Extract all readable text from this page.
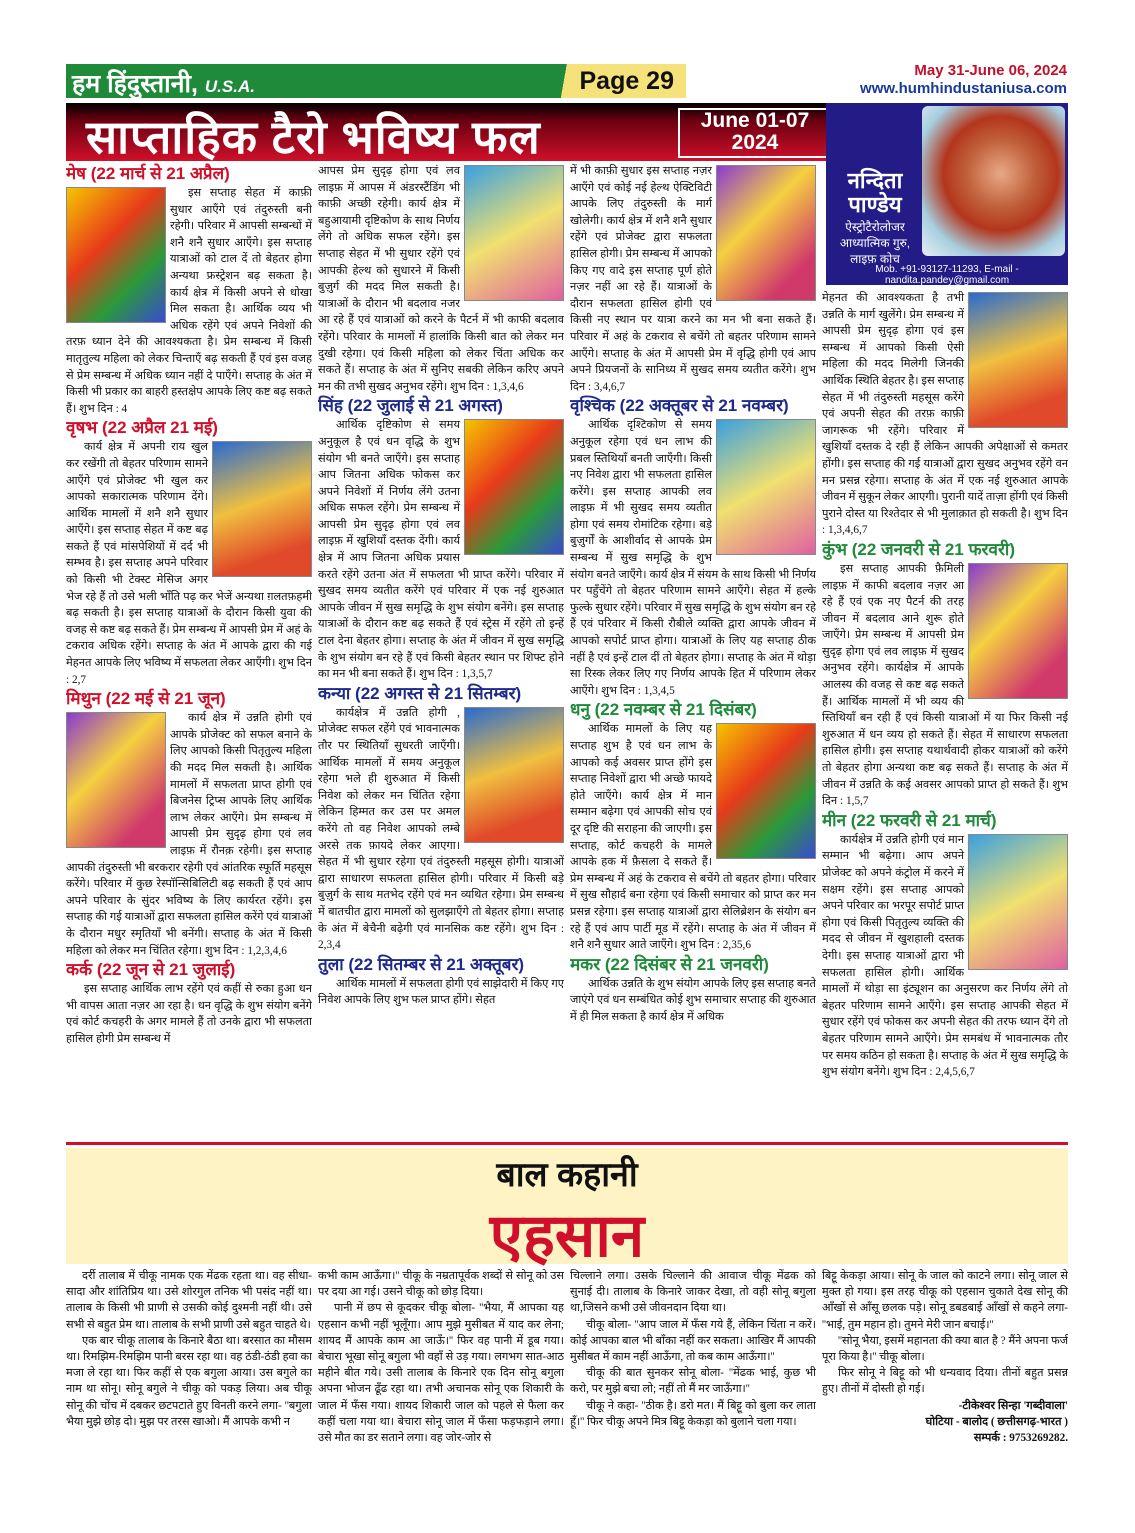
हम हिंदुस्तानी, U.S.A.	Page 29	May 31-June 06, 2024
www.humhindustaniusa.com
साप्ताहिक टैरो भविष्य फल	June 01-07
2024
नन्दिता
पाण्डेय
ऐस्ट्रोटैरोलोजर
आध्यात्मिक गुरु,
लाइफ़ कोच
Mob. +91-93127-11293, E-mail - nandita.pandey@gmail.com
मेष (22 मार्च से 21 अप्रैल)

इस सप्ताह सेहत में काफ़ी सुधार आएँगे एवं तंदुरुस्ती बनी रहेगी। परिवार में आपसी सम्बन्धों में शनै शनै सुधार आएँगे। इस सप्ताह यात्राओं को टाल दें तो बेहतर होगा अन्यथा फ्रस्ट्रेशन बढ़ सकता है। कार्य क्षेत्र में किसी अपने से धोखा मिल सकता है। आर्थिक व्यय भी अधिक रहेंगे एवं अपने निवेशों की तरफ़ ध्यान देने की आवश्यकता है। प्रेम सम्बन्ध में किसी मातृतुल्य महिला को लेकर चिन्ताएँ बढ़ सकती हैं एवं इस वजह से प्रेम सम्बन्ध में अधिक ध्यान नहीं दे पाएँगे। सप्ताह के अंत में किसी भी प्रकार का बाहरी हस्तक्षेप आपके लिए कष्ट बढ़ सकते हैं। शुभ दिन : 4

वृषभ (22 अप्रैल 21 मई)

कार्य क्षेत्र में अपनी राय खुल कर रखेंगी तो बेहतर परिणाम सामने आएँगे एवं प्रोजेक्ट भी खुल कर आपको सकारात्मक परिणाम देंगे। आर्थिक मामलों में शनै शनै सुधार आएँगे। इस सप्ताह सेहत में कष्ट बढ़ सकते हैं एवं मांसपेशियों में दर्द भी सम्भव है। इस सप्ताह अपने परिवार को किसी भी टेक्स्ट मेसिज अगर भेज रहे हैं तो उसे भली भाँति पढ़ कर भेजें अन्यथा ग़लतफ़हमी बढ़ सकती है। इस सप्ताह यात्राओं के दौरान किसी युवा की वजह से कष्ट बढ़ सकते हैं। प्रेम सम्बन्ध में आपसी प्रेम में अहं के टकराव अधिक रहेंगे। सप्ताह के अंत में आपके द्वारा की गई मेहनत आपके लिए भविष्य में सफलता लेकर आएँगी। शुभ दिन : 2,7

मिथुन (22 मई से 21 जून)

कार्य क्षेत्र में उन्नति होगी एवं आपके प्रोजेक्ट को सफल बनाने के लिए आपको किसी पितृतुल्य महिला की मदद मिल सकती है। आर्थिक मामलों में सफलता प्राप्त होगी एवं बिजनेस ट्रिप्स आपके लिए आर्थिक लाभ लेकर आएँगे। प्रेम सम्बन्ध में आपसी प्रेम सुदृढ़ होगा एवं लव लाइफ़ में रौनक़ रहेगी। इस सप्ताह आपकी तंदुरुस्ती भी बरकरार रहेगी एवं आंतरिक स्फूर्ति महसूस करेंगे। परिवार में कुछ रेस्पॉन्सिबिलिटी बढ़ सकती हैं एवं आप अपने परिवार के सुंदर भविष्य के लिए कार्यरत रहेंगे। इस सप्ताह की गई यात्राओं द्वारा सफलता हासिल करेंगे एवं यात्राओं के दौरान मधुर स्मृतियाँ भी बनेंगी। सप्ताह के अंत में किसी महिला को लेकर मन चिंतित रहेगा। शुभ दिन : 1,2,3,4,6

कर्क (22 जून से 21 जुलाई)

इस सप्ताह आर्थिक लाभ रहेंगे एवं कहीं से रुका हुआ धन भी वापस आता नज़र आ रहा है। धन वृद्धि के शुभ संयोग बनेंगे एवं कोर्ट कचहरी के अगर मामले हैं तो उनके द्वारा भी सफलता हासिल होगी प्रेम सम्बन्ध में

आपस प्रेम सुदृढ़ होगा एवं लव लाइफ़ में आपस में अंडरस्टैंडिंग भी काफ़ी अच्छी रहेगी। कार्य क्षेत्र में बहुआयामी दृष्टिकोण के साथ निर्णय लेंगे तो अधिक सफल रहेंगे। इस सप्ताह सेहत में भी सुधार रहेंगे एवं आपकी हेल्थ को सुधारने में किसी बुज़ुर्ग की मदद मिल सकती है। यात्राओं के दौरान भी बदलाव नजर आ रहे हैं एवं यात्राओं को करने के पैटर्न में भी काफी बदलाव रहेंगे। परिवार के मामलों में हालांकि किसी बात को लेकर मन दुखी रहेगा। एवं किसी महिला को लेकर चिंता अधिक कर सकते हैं। सप्ताह के अंत में सुनिए सबकी लेकिन करिए अपने मन की तभी सुखद अनुभव रहेंगे। शुभ दिन : 1,3,4,6

सिंह (22 जुलाई से 21 अगस्त)

आर्थिक दृष्टिकोण से समय अनुकूल है एवं धन वृद्धि के शुभ संयोग भी बनते जाएँगे। इस सप्ताह आप जितना अधिक फोकस कर अपने निवेशों में निर्णय लेंगे उतना अधिक सफल रहेंगे। प्रेम सम्बन्ध में आपसी प्रेम सुदृढ़ होगा एवं लव लाइफ़ में खुशियाँ दस्तक देंगी। कार्य क्षेत्र में आप जितना अधिक प्रयास करते रहेंगे उतना अंत में सफलता भी प्राप्त करेंगे। परिवार में सुखद समय व्यतीत करेंगे एवं परिवार में एक नई शुरुआत आपके जीवन में सुख समृद्धि के शुभ संयोग बनेंगे। इस सप्ताह यात्राओं के दौरान कष्ट बढ़ सकते हैं एवं स्ट्रेस में रहेंगे तो इन्हें टाल देना बेहतर होगा। सप्ताह के अंत में जीवन में सुख समृद्धि के शुभ संयोग बन रहे हैं एवं किसी बेहतर स्थान पर शिफ्ट होने का मन भी बना सकते हैं। शुभ दिन : 1,3,5,7

कन्या (22 अगस्त से 21 सितम्बर)

कार्यक्षेत्र में उन्नति होगी , प्रोजेक्ट सफल रहेंगे एवं भावनात्मक तौर पर स्थितियाँ सुधरती जाएँगी। आर्थिक मामलों में समय अनुकूल रहेगा भले ही शुरुआत में किसी निवेश को लेकर मन चिंतित रहेगा लेकिन हिम्मत कर उस पर अमल करेंगे तो वह निवेश आपको लम्बे अरसे तक फ़ायदे लेकर आएगा। सेहत में भी सुधार रहेगा एवं तंदुरुस्ती महसूस होगी। यात्राओं द्वारा साधारण सफलता हासिल होगी। परिवार में किसी बड़े बुज़ुर्ग के साथ मतभेद रहेंगे एवं मन व्यथित रहेगा। प्रेम सम्बन्ध में बातचीत द्वारा मामलों को सुलझाएँगे तो बेहतर होगा। सप्ताह के अंत में बेचैनी बढ़ेगी एवं मानसिक कष्ट रहेंगे। शुभ दिन : 2,3,4

तुला (22 सितम्बर से 21 अक्तूबर)

आर्थिक मामलों में सफलता होगी एवं साझेदारी में किए गए निवेश आपके लिए शुभ फल प्राप्त होंगे। सेहत

में भी काफ़ी सुधार इस सप्ताह नज़र आएँगे एवं कोई नई हेल्थ ऐक्टिविटी आपके लिए तंदुरुस्ती के मार्ग खोलेगी। कार्य क्षेत्र में शनै शनै सुधार रहेंगे एवं प्रोजेक्ट द्वारा सफलता हासिल होगी। प्रेम सम्बन्ध में आपको किए गए वादे इस सप्ताह पूर्ण होते नज़र नहीं आ रहे हैं। यात्राओं के दौरान सफलता हासिल होगी एवं किसी नए स्थान पर यात्रा करने का मन भी बना सकते हैं। परिवार में अहं के टकराव से बचेंगे तो बहतर परिणाम सामने आएँगे। सप्ताह के अंत में आपसी प्रेम में वृद्धि होगी एवं आप अपने प्रियजनों के सानिध्य में सुखद समय व्यतीत करेंगे। शुभ दिन : 3,4,6,7

वृश्चिक (22 अक्तूबर से 21 नवम्बर)

आर्थिक दृश्टिकोण से समय अनुकूल रहेगा एवं धन लाभ की प्रबल स्तिथियाँ बनती जाएँगी। किसी नए निवेश द्वारा भी सफलता हासिल करेंगे। इस सप्ताह आपकी लव लाइफ़ में भी सुखद समय व्यतीत होगा एवं समय रोमांटिक रहेगा। बड़े बुज़ुर्गों के आशीर्वाद से आपके प्रेम सम्बन्ध में सुख समृद्धि के शुभ संयोग बनते जाएँगे। कार्य क्षेत्र में संयम के साथ किसी भी निर्णय पर पहुँचेंगे तो बेहतर परिणाम सामने आएँगे। सेहत में हल्के फुल्के सुधार रहेंगे। परिवार में सुख समृद्धि के शुभ संयोग बन रहे हैं एवं परिवार में किसी रौबीले व्यक्ति द्वारा आपके जीवन में आपको सपोर्ट प्राप्त होगा। यात्राओं के लिए यह सप्ताह ठीक नहीं है एवं इन्हें टाल दीं तो बेहतर होगा। सप्ताह के अंत में थोड़ा सा रिस्क लेकर लिए गए निर्णय आपके हित में परिणाम लेकर आएँगे। शुभ दिन : 1,3,4,5

धनु (22 नवम्बर से 21 दिसंबर)

आर्थिक मामलों के लिए यह सप्ताह शुभ है एवं धन लाभ के आपको कई अवसर प्राप्त होंगे इस सप्ताह निवेशों द्वारा भी अच्छे फायदे होते जाएँगे। कार्य क्षेत्र में मान सम्मान बढ़ेगा एवं आपकी सोच एवं दूर दृष्टि की सराहना की जाएगी। इस सप्ताह, कोर्ट कचहरी के मामले आपके हक में फ़ैसला दे सकते हैं। प्रेम सम्बन्ध में अहं के टकराव से बचेंगे तो बहतर होगा। परिवार में सुख सौहार्द बना रहेगा एवं किसी समाचार को प्राप्त कर मन प्रसन्न रहेगा। इस सप्ताह यात्राओं द्वारा सेलिब्रेशन के संयोग बन रहे हैं एवं आप पार्टी मूड में रहेंगे। सप्ताह के अंत में जीवन में शनै शनै सुधार आते जाएँगे। शुभ दिन : 2,35,6

मकर (22 दिसंबर से 21 जनवरी)

आर्थिक उन्नति के शुभ संयोग आपके लिए इस सप्ताह बनते जाएंगे एवं धन सम्बंधित कोई शुभ समाचार सप्ताह की शुरुआत में ही मिल सकता है कार्य क्षेत्र में अधिक

मेहनत की आवश्यकता है तभी उन्नति के मार्ग खुलेंगे। प्रेम सम्बन्ध में आपसी प्रेम सुदृढ़ होगा एवं इस सम्बन्ध में आपको किसी ऐसी महिला की मदद मिलेगी जिनकी आर्थिक स्थिति बेहतर है। इस सप्ताह सेहत में भी तंदुरुस्ती महसूस करेंगे एवं अपनी सेहत की तरफ़ काफ़ी जागरूक भी रहेंगे। परिवार में खुशियाँ दस्तक दे रही हैं लेकिन आपकी अपेक्षाओं से कमतर होंगी। इस सप्ताह की गई यात्राओं द्वारा सुखद अनुभव रहेंगे वन मन प्रसन्न रहेगा। सप्ताह के अंत में एक नई शुरुआत आपके जीवन में सुकून लेकर आएगी। पुरानी यादें ताज़ा होंगी एवं किसी पुराने दोस्त या रिश्तेदार से भी मुलाक़ात हो सकती है। शुभ दिन : 1,3,4,6,7

कुंभ (22 जनवरी से 21 फरवरी)

इस सप्ताह आपकी फ़ैमिली लाइफ़ में काफी बदलाव नज़र आ रहे हैं एवं एक नए पैटर्न की तरह जीवन में बदलाव आने शुरू होते जाएँगे। प्रेम सम्बन्ध में आपसी प्रेम सुदृढ़ होगा एवं लव लाइफ़ में सुखद अनुभव रहेंगे। कार्यक्षेत्र में आपके आलस्य की वजह से कष्ट बढ़ सकते हैं। आर्थिक मामलों में भी व्यय की स्तिथियाँ बन रही हैं एवं किसी यात्राओं में या फिर किसी नई शुरुआत में धन व्यय हो सकते हैं। सेहत में साधारण सफलता हासिल होगी। इस सप्ताह यथार्थवादी होकर यात्राओं को करेंगे तो बेहतर होगा अन्यथा कष्ट बढ़ सकते हैं। सप्ताह के अंत में जीवन में उन्नति के कई अवसर आपको प्राप्त हो सकते हैं। शुभ दिन : 1,5,7

मीन (22 फरवरी से 21 मार्च)

कार्यक्षेत्र में उन्नति होगी एवं मान सम्मान भी बढ़ेगा। आप अपने प्रोजेक्ट को अपने कंट्रोल में करने में सक्षम रहेंगे। इस सप्ताह आपको अपने परिवार का भरपूर सपोर्ट प्राप्त होगा एवं किसी पितृतुल्य व्यक्ति की मदद से जीवन में खुशहाली दस्तक देगी। इस सप्ताह यात्राओं द्वारा भी सफलता हासिल होगी। आर्थिक मामलों में थोड़ा सा इंट्यूशन का अनुसरण कर निर्णय लेंगे तो बेहतर परिणाम सामने आएँगे। इस सप्ताह आपकी सेहत में सुधार रहेंगे एवं फोकस कर अपनी सेहत की तरफ ध्यान देंगे तो बेहतर परिणाम सामने आएँगे। प्रेम समबंध में भावनात्मक तौर पर समय कठिन हो सकता है। सप्ताह के अंत में सुख समृद्धि के शुभ संयोग बनेंगे। शुभ दिन : 2,4,5,6,7

बाल कहानी
एहसान

दर्री तालाब में चीकू नामक एक मेंढक रहता था। वह सीधा-सादा और शांतिप्रिय था। उसे शोरगुल तनिक भी पसंद नहीं था। तालाब के किसी भी प्राणी से उसकी कोई दुश्मनी नहीं थी। उसे सभी से बहुत प्रेम था। तालाब के सभी प्राणी उसे बहुत चाहते थे।

एक बार चीकू तालाब के किनारे बैठा था। बरसात का मौसम था। रिमझिम-रिमझिम पानी बरस रहा था। वह ठंडी-ठंडी हवा का मजा ले रहा था। फिर कहीं से एक बगुला आया। उस बगुले का नाम था सोनू। सोनू बगुले ने चीकू को पकड़ लिया। अब चीकू सोनू की चोंच में दबकर छटपटाते हुए विनती करने लगा- ''बगुला भैया मुझे छोड़ दो। मुझ पर तरस खाओ। मैं आपके कभी न

कभी काम आऊँगा।'' चीकू के नम्रतापूर्वक शब्दों से सोनू को उस पर दया आ गई। उसने चीकू को छोड़ दिया।

पानी में छप से कूदकर चीकू बोला- ''भैया, मैं आपका यह एहसान कभी नहीं भूलूँगा। आप मुझे मुसीबत में याद कर लेना; शायद मैं आपके काम आ जाऊँ।'' फिर वह पानी में डूब गया। बेचारा भूखा सोनू बगुला भी वहाँ से उड़ गया। लगभग सात-आठ महीने बीत गये। उसी तालाब के किनारे एक दिन सोनू बगुला अपना भोजन ढूँढ रहा था। तभी अचानक सोनू एक शिकारी के जाल में फँस गया। शायद शिकारी जाल को पहले से फैला कर कहीं चला गया था। बेचारा सोनू जाल में फँसा फड़फड़ाने लगा। उसे मौत का डर सताने लगा। वह जोर-जोर से

चिल्लाने लगा। उसके चिल्लाने की आवाज चीकू मेंढक को सुनाई दी। तालाब के किनारे जाकर देखा, तो वही सोनू बगुला था,जिसने कभी उसे जीवनदान दिया था।

चीकू बोला- ''आप जाल में फँस गये हैं, लेकिन चिंता न करें। कोई आपका बाल भी बाँका नहीं कर सकता। आखिर मैं आपकी मुसीबत में काम नहीं आऊँगा, तो कब काम आऊँगा।''

चीकू की बात सुनकर सोनू बोला- ''मेंढक भाई, कुछ भी करो, पर मुझे बचा लो; नहीं तो मैं मर जाऊँगा।''

चीकू ने कहा- ''ठीक है। डरो मत। मैं बिट्टू को बुला कर लाता हूँ।'' फिर चीकू अपने मित्र बिट्टू केकड़ा को बुलाने चला गया।

बिट्टू केकड़ा आया। सोनू के जाल को काटने लगा। सोनू जाल से मुक्त हो गया। इस तरह चीकू को एहसान चुकाते देख सोनू की आँखों से आँसू छलक पड़े। सोनू डबडबाई आँखों से कहने लगा- ''भाई, तुम महान हो। तुमने मेरी जान बचाई।''

''सोनू भैया, इसमें महानता की क्या बात है ? मैंने अपना फर्ज पूरा किया है।'' चीकू बोला।

फिर सोनू ने बिट्टू को भी धन्यवाद दिया। तीनों बहुत प्रसन्न हुए। तीनों में दोस्ती हो गई।

-टीकेश्वर सिन्हा 'गब्दीवाला'

घोटिया - बालोद ( छत्तीसगढ़-भारत )

सम्पर्क : 9753269282.
